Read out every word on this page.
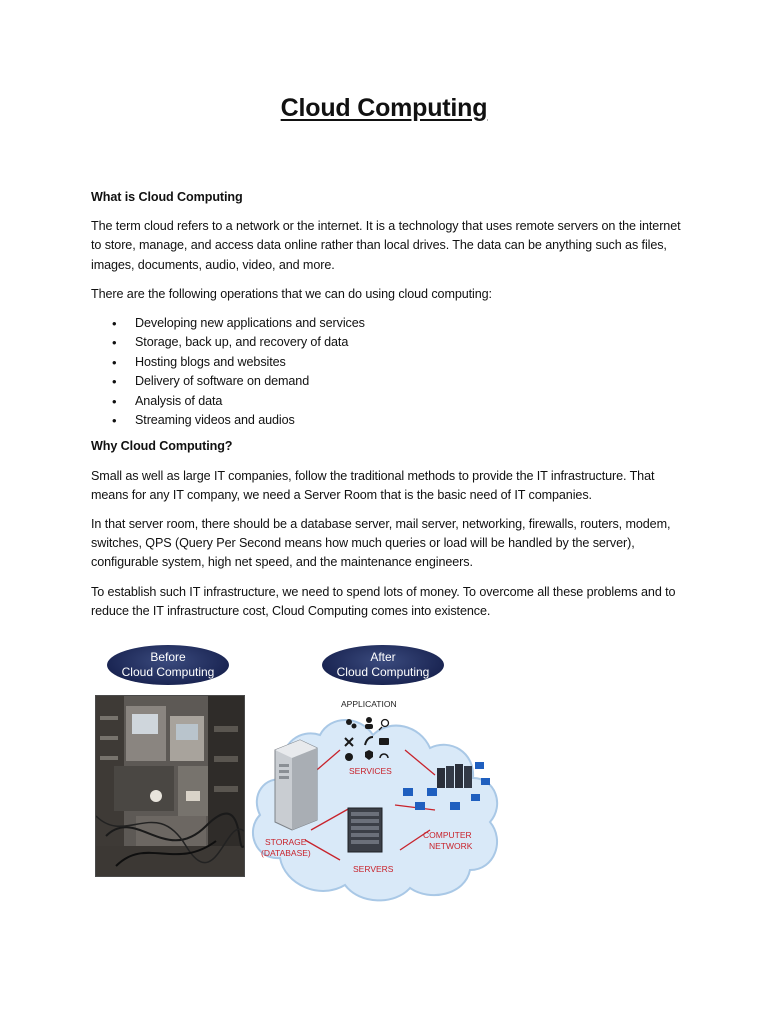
Cloud Computing
What is Cloud Computing

The term cloud refers to a network or the internet. It is a technology that uses remote servers on the internet to store, manage, and access data online rather than local drives. The data can be anything such as files, images, documents, audio, video, and more.

There are the following operations that we can do using cloud computing:

• Developing new applications and services
• Storage, back up, and recovery of data
• Hosting blogs and websites
• Delivery of software on demand
• Analysis of data
• Streaming videos and audios
Why Cloud Computing?

Small as well as large IT companies, follow the traditional methods to provide the IT infrastructure. That means for any IT company, we need a Server Room that is the basic need of IT companies.

In that server room, there should be a database server, mail server, networking, firewalls, routers, modem, switches, QPS (Query Per Second means how much queries or load will be handled by the server), configurable system, high net speed, and the maintenance engineers.

To establish such IT infrastructure, we need to spend lots of money. To overcome all these problems and to reduce the IT infrastructure cost, Cloud Computing comes into existence.

Before
Cloud Computing
After
Cloud Computing
APPLICATION
SERVICES
STORAGE
(DATABASE)
COMPUTER
NETWORK
SERVERS
